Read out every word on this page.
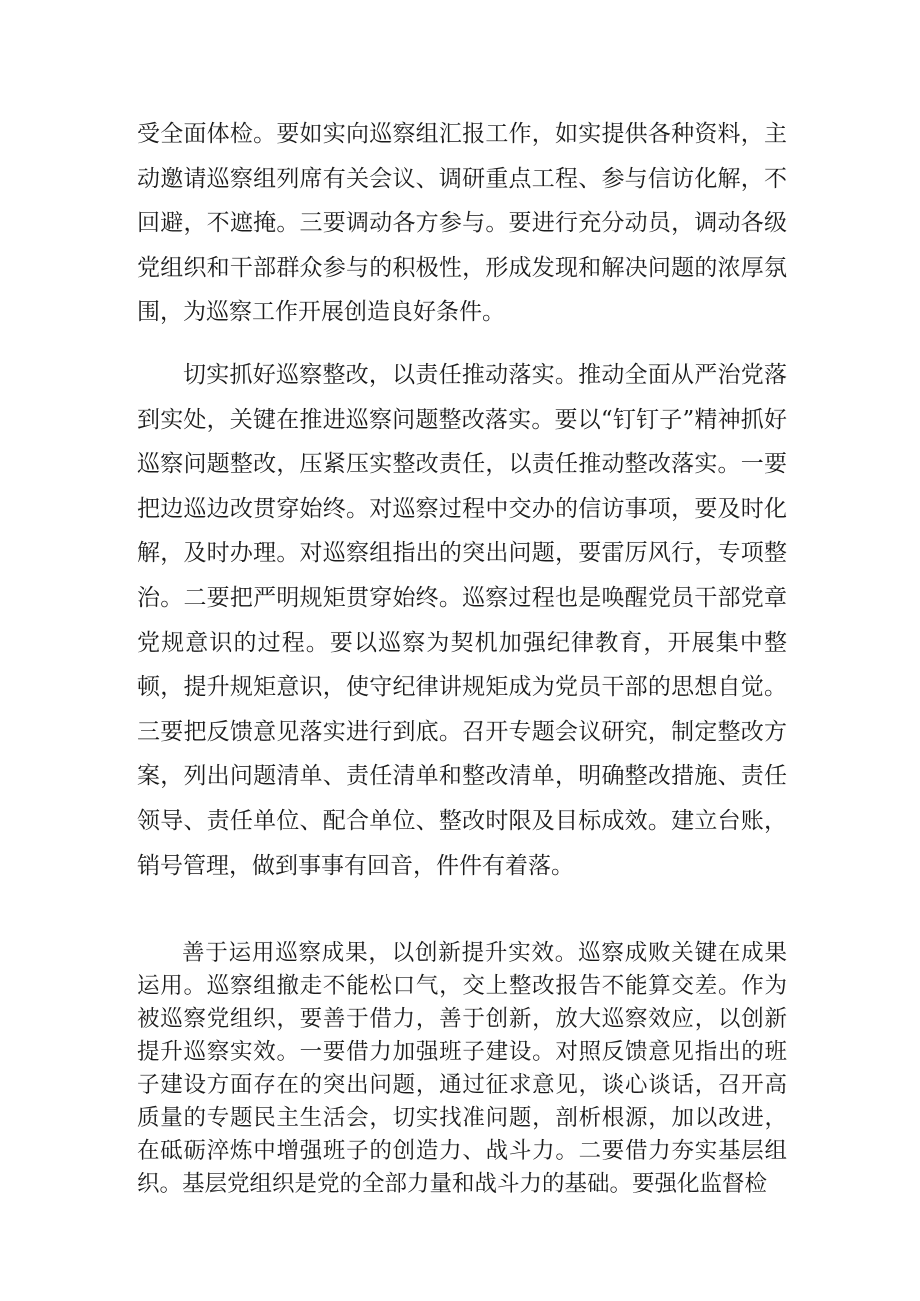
受全面体检。要如实向巡察组汇报工作，如实提供各种资料，主动邀请巡察组列席有关会议、调研重点工程、参与信访化解，不回避，不遮掩。三要调动各方参与。要进行充分动员，调动各级党组织和干部群众参与的积极性，形成发现和解决问题的浓厚氛围，为巡察工作开展创造良好条件。

切实抓好巡察整改，以责任推动落实。推动全面从严治党落到实处，关键在推进巡察问题整改落实。要以“钉钉子”精神抓好巡察问题整改，压紧压实整改责任，以责任推动整改落实。一要把边巡边改贯穿始终。对巡察过程中交办的信访事项，要及时化解，及时办理。对巡察组指出的突出问题，要雷厉风行，专项整治。二要把严明规矩贯穿始终。巡察过程也是唤醒党员干部党章党规意识的过程。要以巡察为契机加强纪律教育，开展集中整顿，提升规矩意识，使守纪律讲规矩成为党员干部的思想自觉。三要把反馈意见落实进行到底。召开专题会议研究，制定整改方案，列出问题清单、责任清单和整改清单，明确整改措施、责任领导、责任单位、配合单位、整改时限及目标成效。建立台账，销号管理，做到事事有回音，件件有着落。

善于运用巡察成果，以创新提升实效。巡察成败关键在成果运用。巡察组撤走不能松口气，交上整改报告不能算交差。作为被巡察党组织，要善于借力，善于创新，放大巡察效应，以创新提升巡察实效。一要借力加强班子建设。对照反馈意见指出的班子建设方面存在的突出问题，通过征求意见，谈心谈话，召开高质量的专题民主生活会，切实找准问题，剖析根源，加以改进，在砥砺淬炼中增强班子的创造力、战斗力。二要借力夯实基层组织。基层党组织是党的全部力量和战斗力的基础。要强化监督检
